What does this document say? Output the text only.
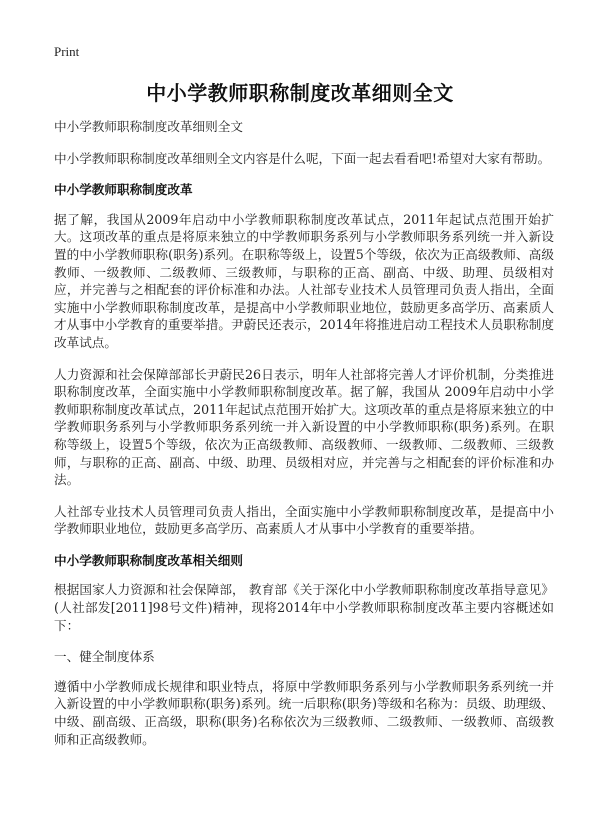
Print
中小学教师职称制度改革细则全文

中小学教师职称制度改革细则全文

中小学教师职称制度改革细则全文内容是什么呢，下面一起去看看吧!希望对大家有帮助。

中小学教师职称制度改革

据了解，我国从2009年启动中小学教师职称制度改革试点，2011年起试点范围开始扩大。这项改革的重点是将原来独立的中学教师职务系列与小学教师职务系列统一并入新设置的中小学教师职称(职务)系列。在职称等级上，设置5个等级，依次为正高级教师、高级教师、一级教师、二级教师、三级教师，与职称的正高、副高、中级、助理、员级相对应，并完善与之相配套的评价标准和办法。人社部专业技术人员管理司负责人指出，全面实施中小学教师职称制度改革，是提高中小学教师职业地位，鼓励更多高学历、高素质人才从事中小学教育的重要举措。尹蔚民还表示，2014年将推进启动工程技术人员职称制度改革试点。

人力资源和社会保障部部长尹蔚民26日表示，明年人社部将完善人才评价机制，分类推进职称制度改革，全面实施中小学教师职称制度改革。据了解，我国从 2009年启动中小学教师职称制度改革试点，2011年起试点范围开始扩大。这项改革的重点是将原来独立的中学教师职务系列与小学教师职务系列统一并入新设置的中小学教师职称(职务)系列。在职称等级上，设置5个等级，依次为正高级教师、高级教师、一级教师、二级教师、三级教师，与职称的正高、副高、中级、助理、员级相对应，并完善与之相配套的评价标准和办法。

人社部专业技术人员管理司负责人指出，全面实施中小学教师职称制度改革，是提高中小学教师职业地位，鼓励更多高学历、高素质人才从事中小学教育的重要举措。

中小学教师职称制度改革相关细则

根据国家人力资源和社会保障部， 教育部《关于深化中小学教师职称制度改革指导意见》(人社部发[2011]98号文件)精神，现将2014年中小学教师职称制度改革主要内容概述如下：

一、健全制度体系

遵循中小学教师成长规律和职业特点，将原中学教师职务系列与小学教师职务系列统一并入新设置的中小学教师职称(职务)系列。统一后职称(职务)等级和名称为：员级、助理级、中级、副高级、正高级，职称(职务)名称依次为三级教师、二级教师、一级教师、高级教师和正高级教师。
